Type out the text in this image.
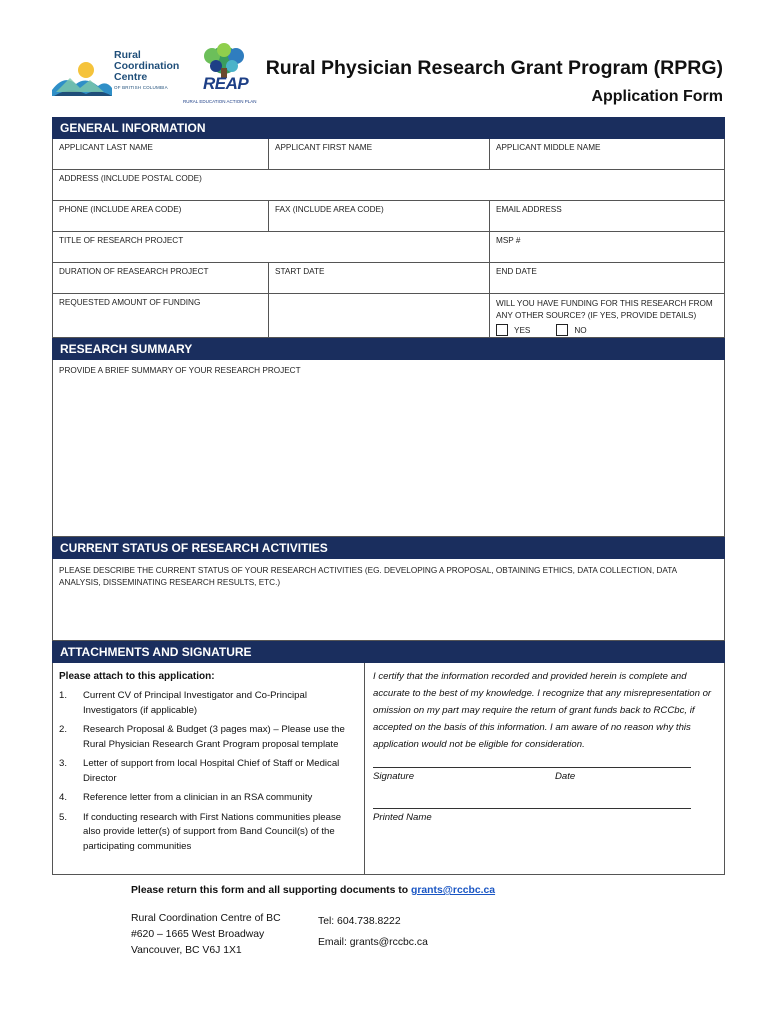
Rural
Coordination
Centre
OF BRITISH COLUMBIA REAP
RURAL EDUCATION ACTION PLAN
Rural Physician Research Grant Program (RPRG)
Application Form
GENERAL INFORMATION
APPLICANT LAST NAME	APPLICANT FIRST NAME	APPLICANT MIDDLE NAME
ADDRESS (INCLUDE POSTAL CODE)
PHONE (INCLUDE AREA CODE)	FAX (INCLUDE AREA CODE)	EMAIL ADDRESS
TITLE OF RESEARCH PROJECT	MSP #
DURATION OF REASEARCH PROJECT	START DATE	END DATE
REQUESTED AMOUNT OF FUNDING	WILL YOU HAVE FUNDING FOR THIS RESEARCH FROM ANY OTHER SOURCE? (IF YES, PROVIDE DETAILS)
YES	NO
RESEARCH SUMMARY
PROVIDE A BRIEF SUMMARY OF YOUR RESEARCH PROJECT
CURRENT STATUS OF RESEARCH ACTIVITIES
PLEASE DESCRIBE THE CURRENT STATUS OF YOUR RESEARCH ACTIVITIES (EG. DEVELOPING A PROPOSAL, OBTAINING ETHICS, DATA COLLECTION, DATA ANALYSIS, DISSEMINATING RESEARCH RESULTS, ETC.)
ATTACHMENTS AND SIGNATURE
Please attach to this application:
1.	Current CV of Principal Investigator and Co-Principal Investigators (if applicable)
2.	Research Proposal & Budget (3 pages max) – Please use the Rural Physician Research Grant Program proposal template
3.	Letter of support from local Hospital Chief of Staff or Medical Director
4.	Reference letter from a clinician in an RSA community
5.	If conducting research with First Nations communities please also provide letter(s) of support from Band Council(s) of the participating communities
I certify that the information recorded and provided herein is complete and accurate to the best of my knowledge. I recognize that any misrepresentation or omission on my part may require the return of grant funds back to RCCbc, if accepted on the basis of this information. I am aware of no reason why this application would not be eligible for consideration.
Signature	Date
Printed Name
Please return this form and all supporting documents to grants@rccbc.ca
Rural Coordination Centre of BC
#620 – 1665 West Broadway
Vancouver, BC V6J 1X1
Tel: 604.738.8222
Email: grants@rccbc.ca
